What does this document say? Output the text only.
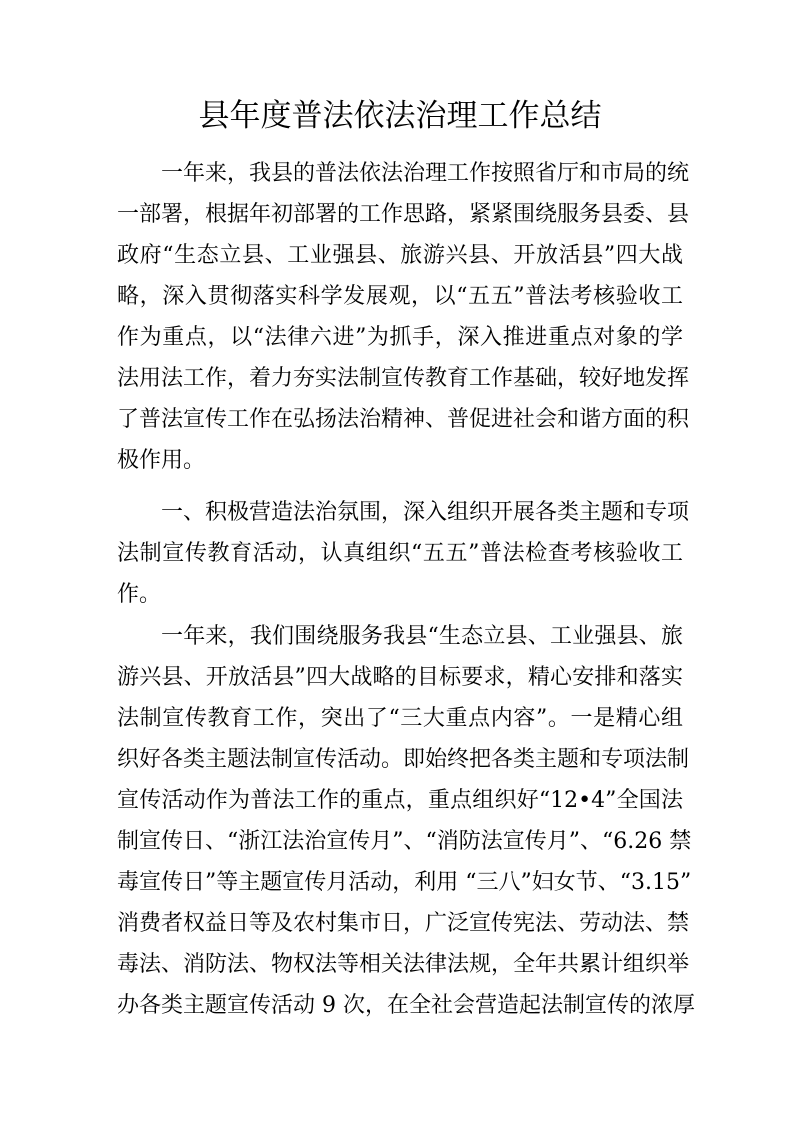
县年度普法依法治理工作总结

一年来，我县的普法依法治理工作按照省厅和市局的统

一部署，根据年初部署的工作思路，紧紧围绕服务县委、县

政府“生态立县、工业强县、旅游兴县、开放活县”四大战

略，深入贯彻落实科学发展观，以“五五”普法考核验收工

作为重点，以“法律六进”为抓手，深入推进重点对象的学

法用法工作，着力夯实法制宣传教育工作基础，较好地发挥

了普法宣传工作在弘扬法治精神、普促进社会和谐方面的积

极作用。

一、积极营造法治氛围，深入组织开展各类主题和专项

法制宣传教育活动，认真组织“五五”普法检查考核验收工

作。

一年来，我们围绕服务我县“生态立县、工业强县、旅

游兴县、开放活县”四大战略的目标要求，精心安排和落实

法制宣传教育工作，突出了“三大重点内容”。一是精心组

织好各类主题法制宣传活动。即始终把各类主题和专项法制

宣传活动作为普法工作的重点，重点组织好“12•4”全国法

制宣传日、“浙江法治宣传月”、“消防法宣传月”、“6.26 禁

毒宣传日”等主题宣传月活动，利用 “三八”妇女节、“3.15”

消费者权益日等及农村集市日，广泛宣传宪法、劳动法、禁

毒法、消防法、物权法等相关法律法规，全年共累计组织举

办各类主题宣传活动 9 次，在全社会营造起法制宣传的浓厚
